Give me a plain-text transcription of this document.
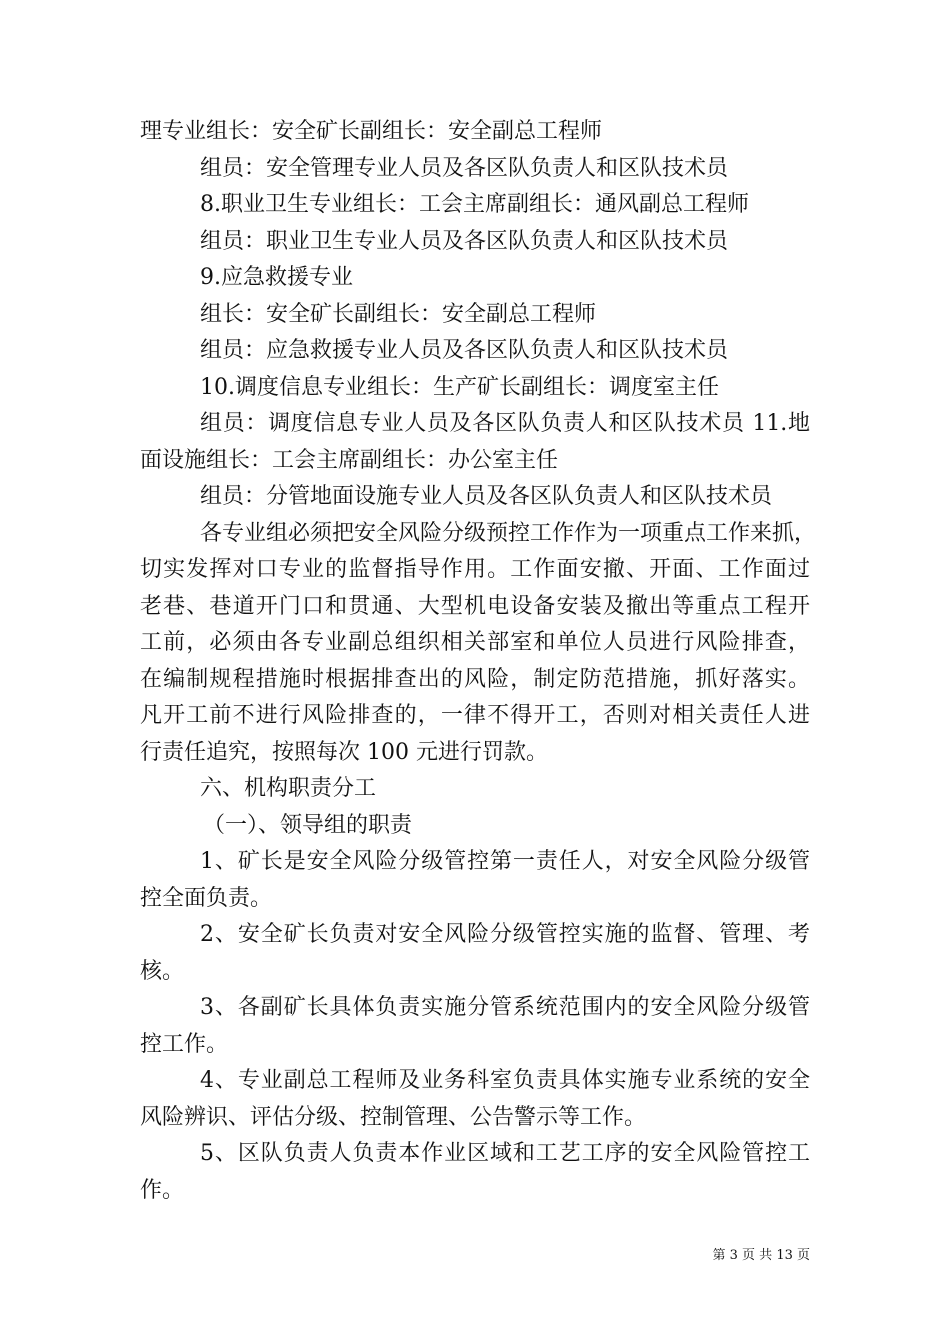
理专业组长：安全矿长副组长：安全副总工程师
组员：安全管理专业人员及各区队负责人和区队技术员
8.职业卫生专业组长：工会主席副组长：通风副总工程师
组员：职业卫生专业人员及各区队负责人和区队技术员
9.应急救援专业
组长：安全矿长副组长：安全副总工程师
组员：应急救援专业人员及各区队负责人和区队技术员
10.调度信息专业组长：生产矿长副组长：调度室主任
组员：调度信息专业人员及各区队负责人和区队技术员 11.地
面设施组长：工会主席副组长：办公室主任
组员：分管地面设施专业人员及各区队负责人和区队技术员
各专业组必须把安全风险分级预控工作作为一项重点工作来抓，
切实发挥对口专业的监督指导作用。工作面安撤、开面、工作面过
老巷、巷道开门口和贯通、大型机电设备安装及撤出等重点工程开
工前，必须由各专业副总组织相关部室和单位人员进行风险排查，
在编制规程措施时根据排查出的风险，制定防范措施，抓好落实。
凡开工前不进行风险排查的，一律不得开工，否则对相关责任人进
行责任追究，按照每次 100 元进行罚款。
六、机构职责分工
（一）、领导组的职责
1、矿长是安全风险分级管控第一责任人，对安全风险分级管
控全面负责。
2、安全矿长负责对安全风险分级管控实施的监督、管理、考
核。
3、各副矿长具体负责实施分管系统范围内的安全风险分级管
控工作。
4、专业副总工程师及业务科室负责具体实施专业系统的安全
风险辨识、评估分级、控制管理、公告警示等工作。
5、区队负责人负责本作业区域和工艺工序的安全风险管控工
作。
第 3 页 共 13 页
